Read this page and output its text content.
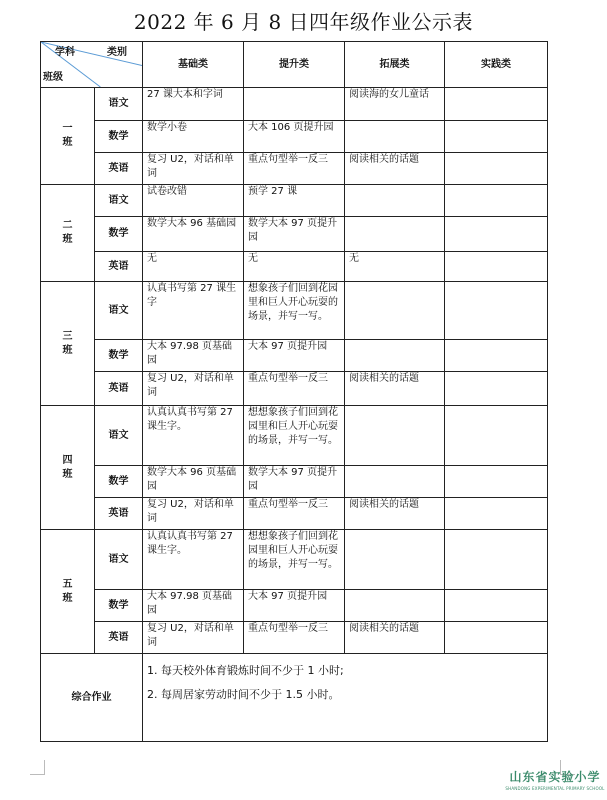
2022 年 6 月 8 日四年级作业公示表
学科 类别
班级		基础类	提升类	拓展类	实践类

一
班	语文	27 课大本和字词		阅读海的女儿童话	
	数学	数学小卷	大本 106 页提升园		
	英语	复习 U2，对话和单词	重点句型举一反三	阅读相关的话题	

二
班	语文	试卷改错	预学 27 课		
	数学	数学大本 96 基础园	数学大本 97 页提升园		
	英语	无	无	无	

三
班	语文	认真书写第 27 课生字	想象孩子们回到花园里和巨人开心玩耍的场景，并写一写。		
	数学	大本 97.98 页基础园	大本 97 页提升园		
	英语	复习 U2，对话和单词	重点句型举一反三	阅读相关的话题	

四
班	语文	认真认真书写第 27 课生字。	想想象孩子们回到花园里和巨人开心玩耍的场景，并写一写。		
	数学	数学大本 96 页基础园	数学大本 97 页提升园		
	英语	复习 U2，对话和单词	重点句型举一反三	阅读相关的话题	

五
班	语文	认真认真书写第 27 课生字。	想想象孩子们回到花园里和巨人开心玩耍的场景，并写一写。		
	数学	大本 97.98 页基础园	大本 97 页提升园		
	英语	复习 U2，对话和单词	重点句型举一反三	阅读相关的话题	
综合作业		1. 每天校外体育锻炼时间不少于 1 小时;
2. 每周居家劳动时间不少于 1.5 小时。			
山东省实验小学
SHANDONG EXPERIMENTAL PRIMARY SCHOOL
